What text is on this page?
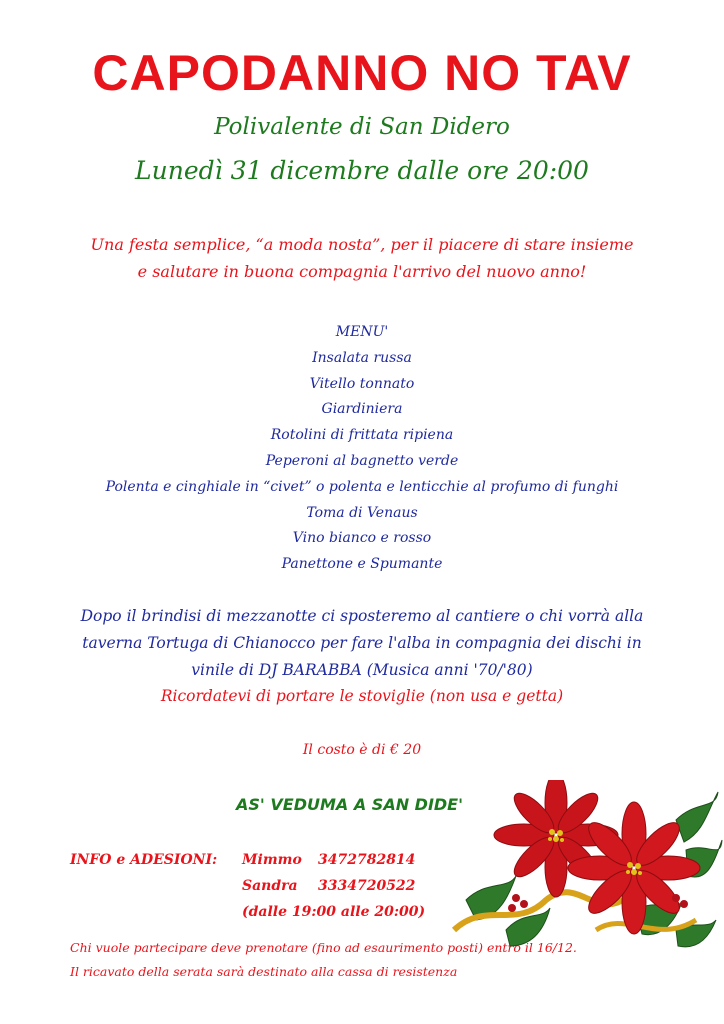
CAPODANNO NO TAV
Polivalente di San Didero
Lunedì 31 dicembre dalle ore 20:00
Una festa semplice, “a moda nosta”, per il piacere di stare insieme
e salutare in buona compagnia l'arrivo del nuovo anno!
MENU'
Insalata russa
Vitello tonnato
Giardiniera
Rotolini di frittata ripiena
Peperoni al bagnetto verde
Polenta e cinghiale in “civet” o polenta e lenticchie al profumo di funghi
Toma di Venaus
Vino bianco e rosso
Panettone e Spumante
Dopo il brindisi di mezzanotte ci sposteremo al cantiere o chi vorrà alla
taverna Tortuga di Chianocco per fare l'alba in compagnia dei dischi in
vinile di DJ BARABBA (Musica anni '70/'80)
Ricordatevi di portare le stoviglie (non usa e getta)
Il costo è di € 20
AS' VEDUMA A SAN DIDE'
INFO e ADESIONI: Mimmo 3472782814
Sandra 3334720522
(dalle 19:00 alle 20:00)
Chi vuole partecipare deve prenotare (fino ad esaurimento posti) entro il 16/12.
Il ricavato della serata sarà destinato alla cassa di resistenza
